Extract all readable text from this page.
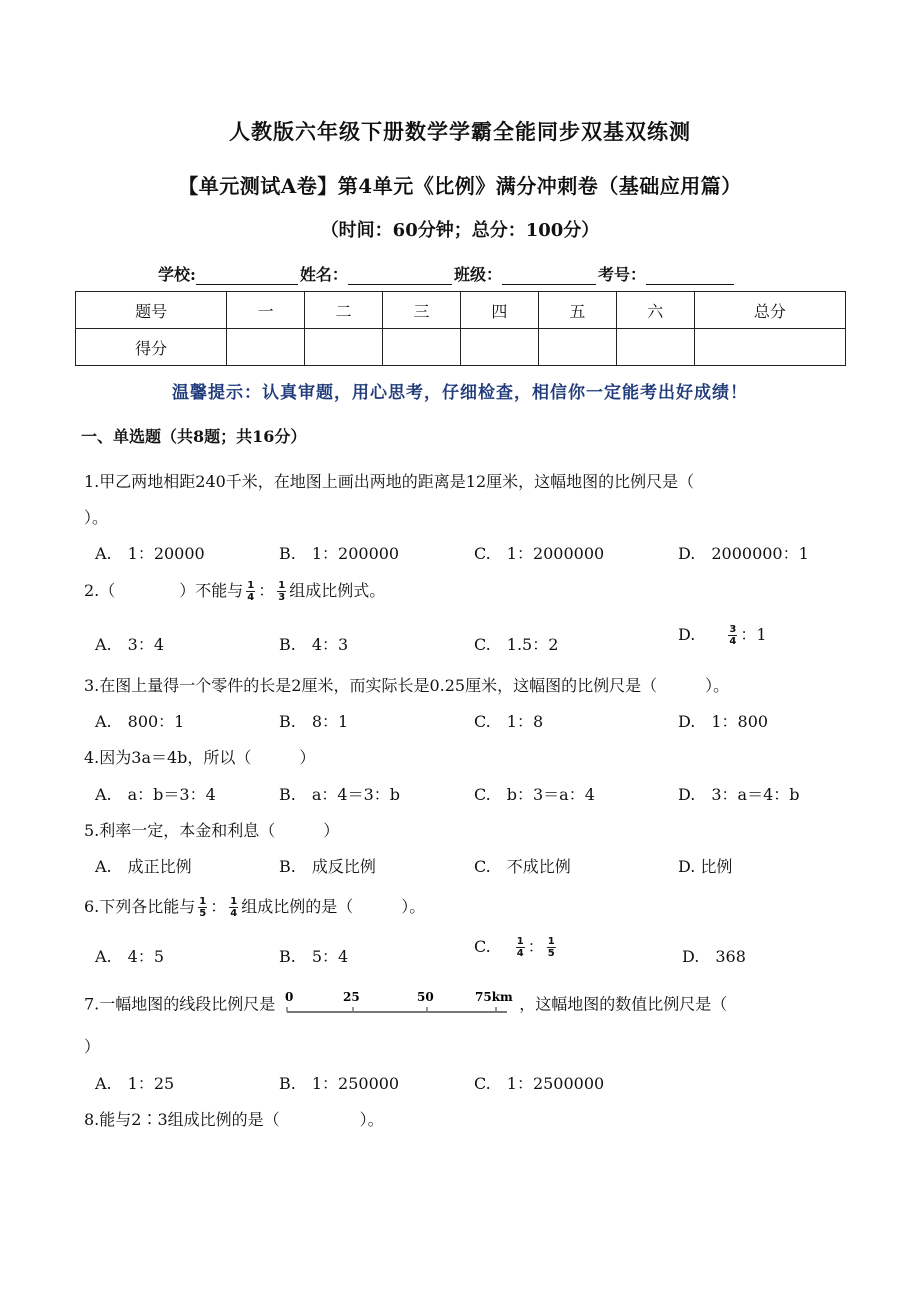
人教版六年级下册数学学霸全能同步双基双练测
【单元测试A卷】第4单元《比例》满分冲刺卷（基础应用篇）
（时间：60分钟；总分：100分）
学校:	姓名：	班级：	考号：
题号	一	二	三	四	五	六	总分
得分							
温馨提示：认真审题，用心思考，仔细检查，相信你一定能考出好成绩！
一、单选题（共8题；共16分）
1.甲乙两地相距240千米，在地图上画出两地的距离是12厘米，这幅地图的比例尺是（
）。
A.　1：20000	B.　1：200000	C.　1：2000000	D.　2000000：1
2.（　　　　）不能与 $\frac{1}{4}$ ： $\frac{1}{3}$ 组成比例式。
A.　3：4	B.　4：3	C.　1.5：2
D.	$\frac{3}{4}$ ：1
3.在图上量得一个零件的长是2厘米，而实际长是0.25厘米，这幅图的比例尺是（　　　）。
A.　800：1	B.　8：1	C.　1：8	D.　1：800
4.因为3a＝4b，所以（　　　）
A.　a：b＝3：4	B.　a：4＝3：b	C.　b：3＝a：4	D.　3：a＝4：b
5.利率一定，本金和利息（　　　）
A.　成正比例	B.　成反比例	C.　不成比例	D. 比例
6.下列各比能与 $\frac{1}{5}$ ： $\frac{1}{4}$ 组成比例的是（　　　）。
A.　4：5	B.　5：4
C.	$\frac{1}{4}$ ： $\frac{1}{5}$	D.　368
7.一幅地图的线段比例尺是 0	25	50	75km ，这幅地图的数值比例尺是（
）
A.　1：25	B.　1：250000	C.　1：2500000
8.能与2∶3组成比例的是（　　　　　）。
